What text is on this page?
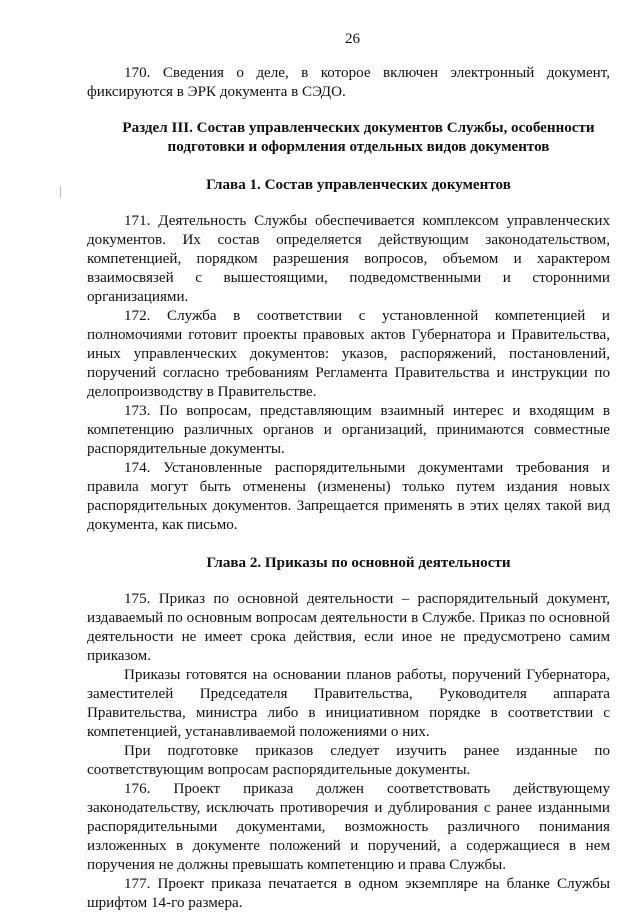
26

170. Сведения о деле, в которое включен электронный документ, фиксируются в ЭРК документа в СЭДО.

Раздел III. Состав управленческих документов Службы, особенности подготовки и оформления отдельных видов документов
Глава 1. Состав управленческих документов

171. Деятельность Службы обеспечивается комплексом управленческих документов. Их состав определяется действующим законодательством, компетенцией, порядком разрешения вопросов, объемом и характером взаимосвязей с вышестоящими, подведомственными и сторонними организациями.

172. Служба в соответствии с установленной компетенцией и полномочиями готовит проекты правовых актов Губернатора и Правительства, иных управленческих документов: указов, распоряжений, постановлений, поручений согласно требованиям Регламента Правительства и инструкции по делопроизводству в Правительстве.

173. По вопросам, представляющим взаимный интерес и входящим в компетенцию различных органов и организаций, принимаются совместные распорядительные документы.

174. Установленные распорядительными документами требования и правила могут быть отменены (изменены) только путем издания новых распорядительных документов. Запрещается применять в этих целях такой вид документа, как письмо.

Глава 2. Приказы по основной деятельности

175. Приказ по основной деятельности – распорядительный документ, издаваемый по основным вопросам деятельности в Службе. Приказ по основной деятельности не имеет срока действия, если иное не предусмотрено самим приказом.

Приказы готовятся на основании планов работы, поручений Губернатора, заместителей Председателя Правительства, Руководителя аппарата Правительства, министра либо в инициативном порядке в соответствии с компетенцией, устанавливаемой положениями о них.

При подготовке приказов следует изучить ранее изданные по соответствующим вопросам распорядительные документы.

176. Проект приказа должен соответствовать действующему законодательству, исключать противоречия и дублирования с ранее изданными распорядительными документами, возможность различного понимания изложенных в документе положений и поручений, а содержащиеся в нем поручения не должны превышать компетенцию и права Службы.

177. Проект приказа печатается в одном экземпляре на бланке Службы шрифтом 14-го размера.
